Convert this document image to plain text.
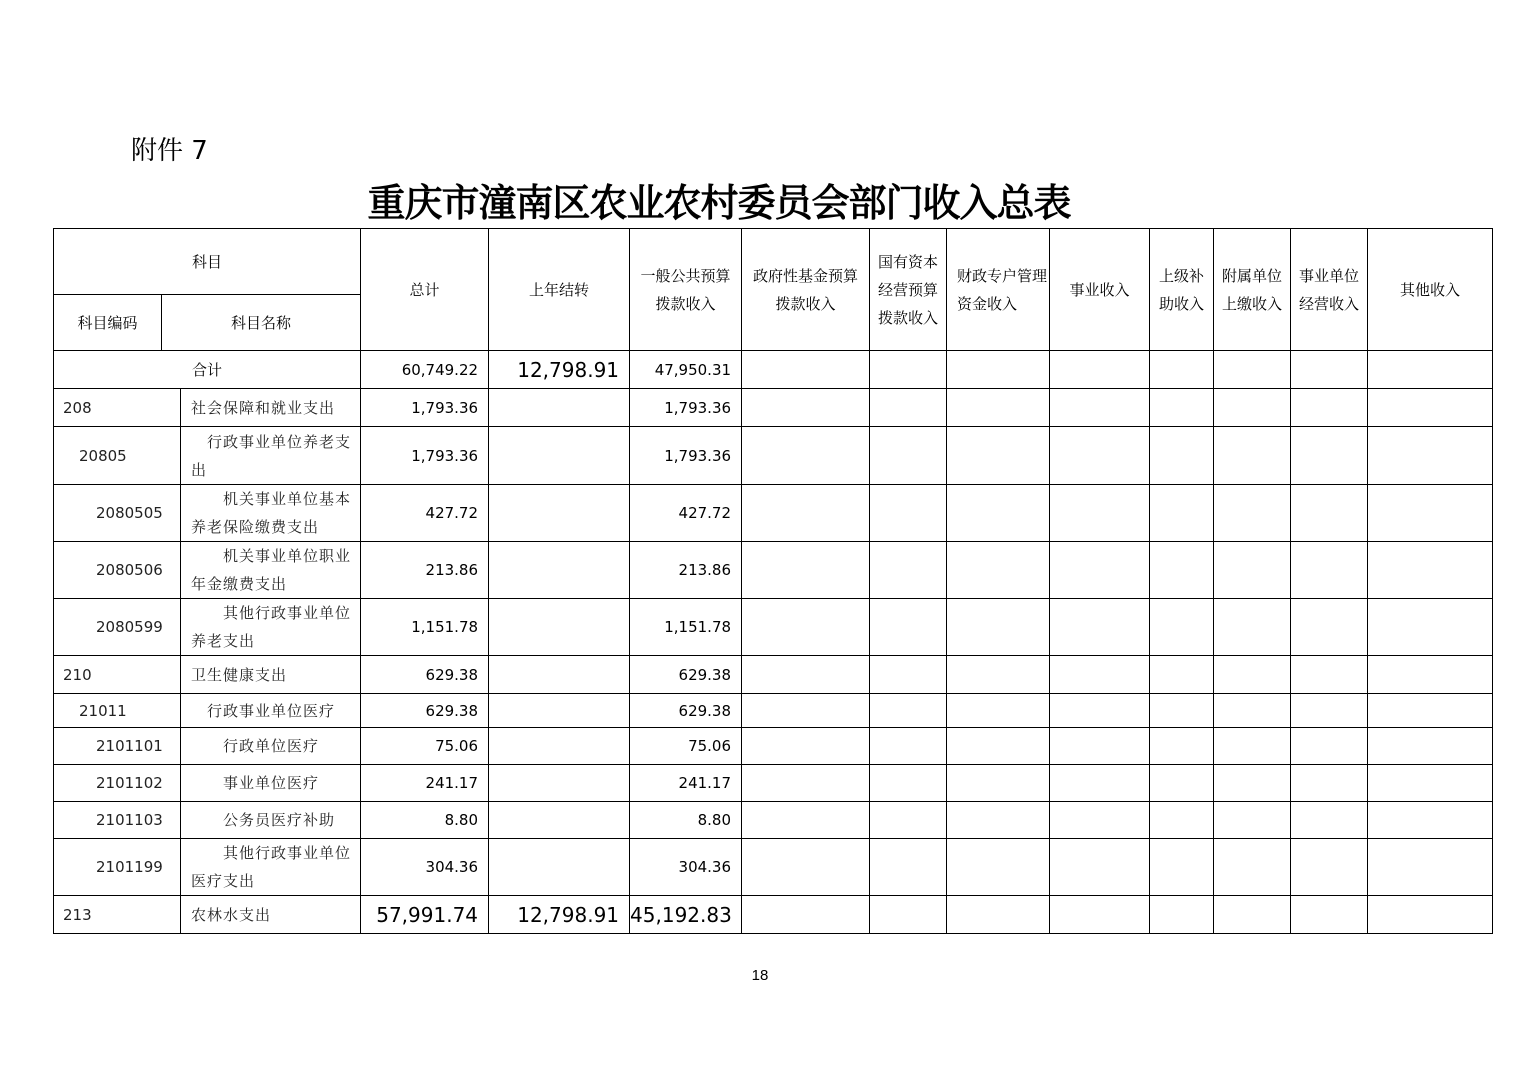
附件 7
重庆市潼南区农业农村委员会部门收入总表
科目			总计	上年结转	一般公共预算拨款收入	政府性基金预算拨款收入	国有资本经营预算拨款收入	财政专户管理资金收入	事业收入	上级补助收入	附属单位上缴收入	事业单位经营收入	其他收入
科目编码	科目名称												
合计			60,749.22	12,798.91	47,950.31								
208		社会保障和就业支出	1,793.36		1,793.36								
20805		行政事业单位养老支出	1,793.36		1,793.36								
2080505		机关事业单位基本养老保险缴费支出	427.72		427.72								
2080506		机关事业单位职业年金缴费支出	213.86		213.86								
2080599		其他行政事业单位养老支出	1,151.78		1,151.78								
210		卫生健康支出	629.38		629.38								
21011		行政事业单位医疗	629.38		629.38								
2101101		行政单位医疗	75.06		75.06								
2101102		事业单位医疗	241.17		241.17								
2101103		公务员医疗补助	8.80		8.80								
2101199		其他行政事业单位医疗支出	304.36		304.36								
213		农林水支出	57,991.74	12,798.91	45,192.83								
18
